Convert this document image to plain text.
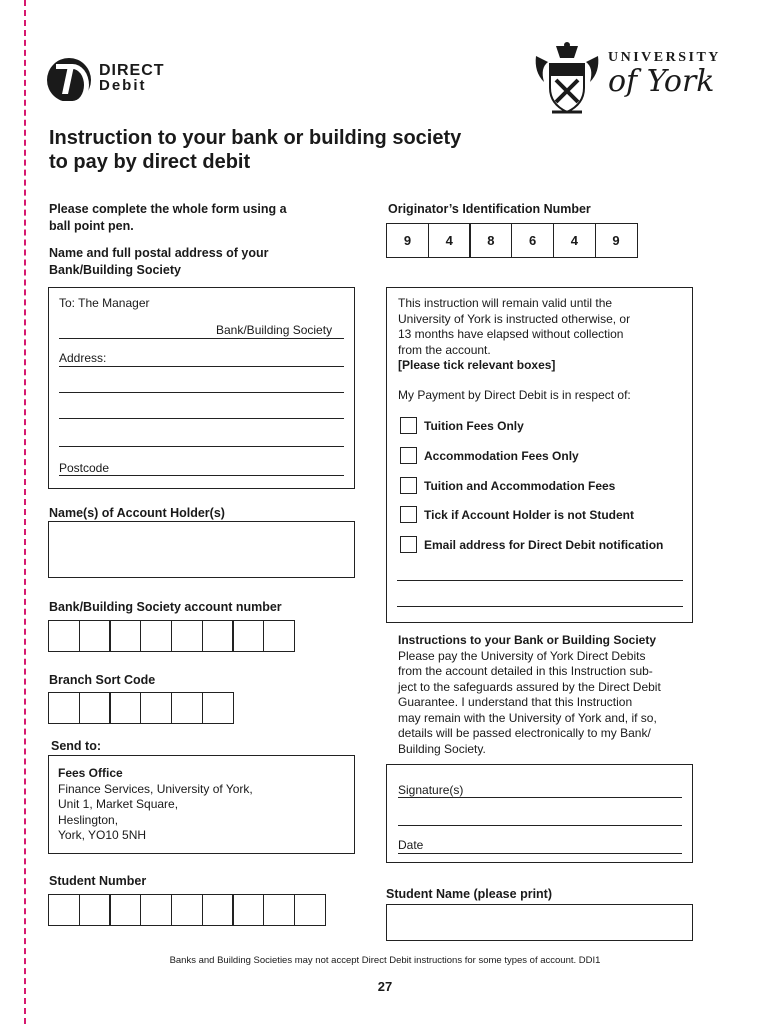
DIRECT
Debit
UNIVERSITY
of York
Instruction to your bank or building society
to pay by direct debit
Please complete the whole form using a
ball point pen.
Name and full postal address of your
Bank/Building Society
To: The Manager
Bank/Building Society
Address:
Postcode
Name(s) of Account Holder(s)
Bank/Building Society account number
Branch Sort Code
Send to:
Fees Office
Finance Services, University of York,
Unit 1, Market Square,
Heslington,
York, YO10 5NH
Student Number
Originator’s Identification Number
9	4	8	6	4	9
This instruction will remain valid until the
University of York is instructed otherwise, or
13 months have elapsed without collection
from the account.
[Please tick relevant boxes]
My Payment by Direct Debit is in respect of:
Tuition Fees Only
Accommodation Fees Only
Tuition and Accommodation Fees
Tick if Account Holder is not Student
Email address for Direct Debit notification
Instructions to your Bank or Building Society
Please pay the University of York Direct Debits
from the account detailed in this Instruction sub-
ject to the safeguards assured by the Direct Debit
Guarantee. I understand that this Instruction
may remain with the University of York and, if so,
details will be passed electronically to my Bank/
Building Society.
Signature(s)
Date
Student Name (please print)
Banks and Building Societies may not accept Direct Debit instructions for some types of account. DDI1
27
